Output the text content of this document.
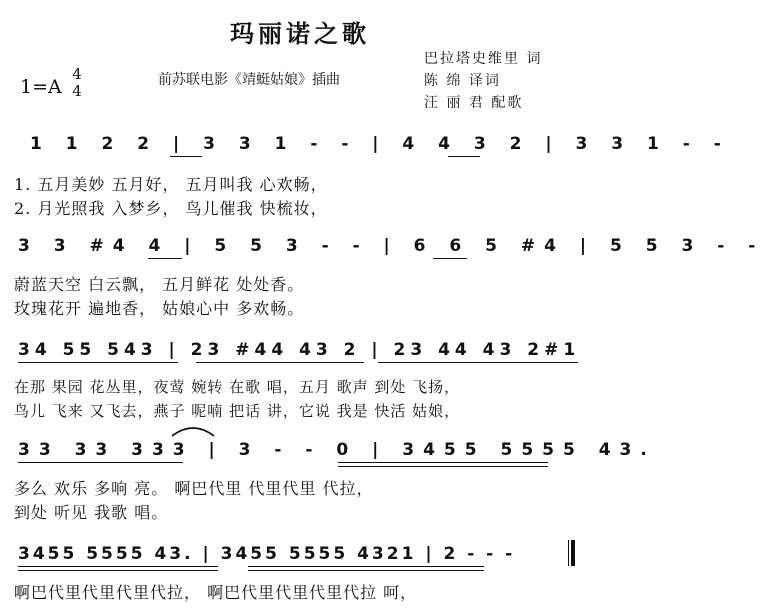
玛丽诺之歌
1=A
4
4
前苏联电影《靖蜓姑娘》插曲
巴拉塔史维里 词
陈 绵 译词
汪 丽 君 配歌
1 1 2 2 | 3 3 1 - - | 4 4 3 2 | 3 3 1 - -
1. 五月美妙 五月好， 五月叫我 心欢畅，
2. 月光照我 入梦乡， 鸟儿催我 快梳妆，
3 3 #4 4 | 5 5 3 - - | 6 6 5 #4 | 5 5 3 - -
蔚蓝天空 白云飘， 五月鲜花 处处香。
玫瑰花开 遍地香， 姑娘心中 多欢畅。
34 55 543 | 23 #44 43 2 | 23 44 43 2#1
在那 果园 花丛里，夜莺 婉转 在歌 唱，五月 歌声 到处 飞扬，
鸟儿 飞来 又飞去，燕子 呢喃 把话 讲，它说 我是 快活 姑娘，
33 33 333 | 3 - - 0 | 3455 5555 43.
多么 欢乐 多响 亮。 啊巴代里 代里代里 代拉，
到处 听见 我歌 唱。
3455 5555 43. | 3455 5555 4321 | 2 - - -
啊巴代里代里代里代拉， 啊巴代里代里代里代拉 呵，
